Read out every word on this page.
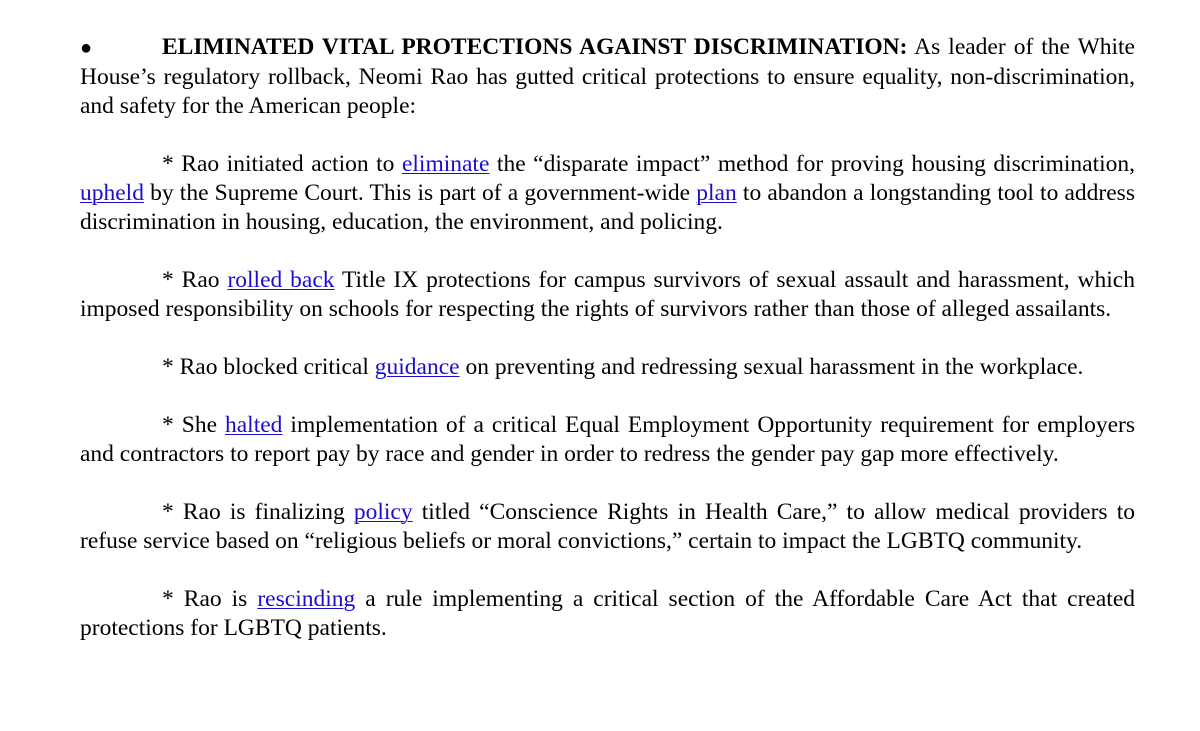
●	ELIMINATED VITAL PROTECTIONS AGAINST DISCRIMINATION: As leader of the White House’s regulatory rollback, Neomi Rao has gutted critical protections to ensure equality, non-discrimination, and safety for the American people:

* Rao initiated action to eliminate the “disparate impact” method for proving housing discrimination, upheld by the Supreme Court. This is part of a government-wide plan to abandon a longstanding tool to address discrimination in housing, education, the environment, and policing.

* Rao rolled back Title IX protections for campus survivors of sexual assault and harassment, which imposed responsibility on schools for respecting the rights of survivors rather than those of alleged assailants.

* Rao blocked critical guidance on preventing and redressing sexual harassment in the workplace.

* She halted implementation of a critical Equal Employment Opportunity requirement for employers and contractors to report pay by race and gender in order to redress the gender pay gap more effectively.

* Rao is finalizing policy titled “Conscience Rights in Health Care,” to allow medical providers to refuse service based on “religious beliefs or moral convictions,” certain to impact the LGBTQ community.

* Rao is rescinding a rule implementing a critical section of the Affordable Care Act that created protections for LGBTQ patients.
